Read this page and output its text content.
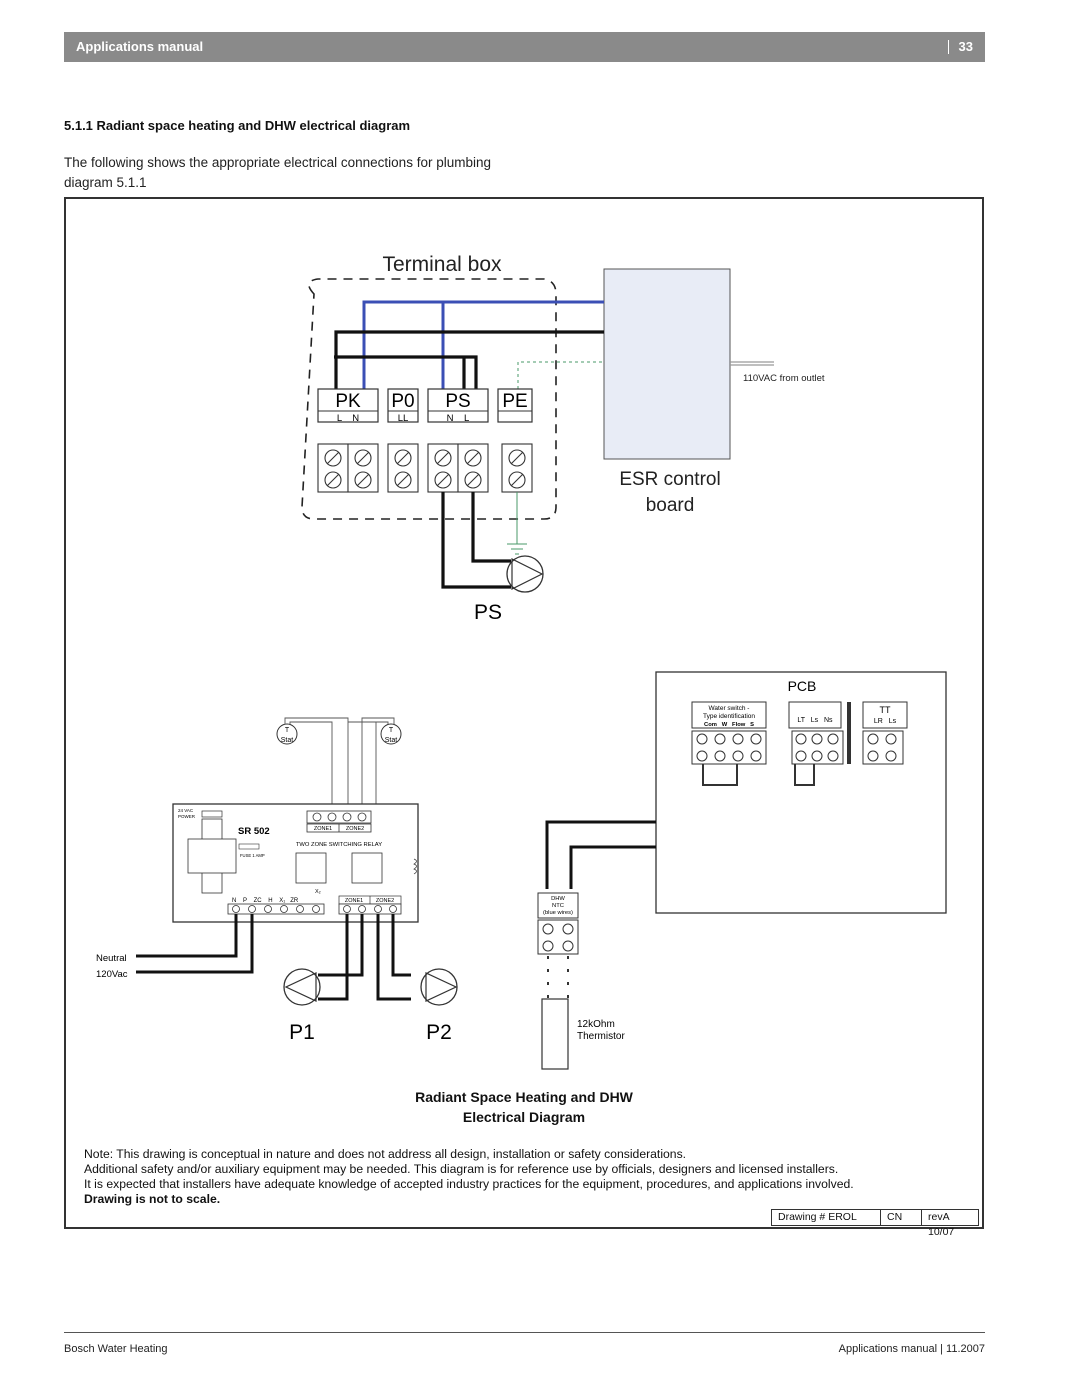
Applications manual	33
5.1.1 Radiant space heating and DHW electrical diagram
The following shows the appropriate electrical connections for plumbing diagram 5.1.1
Terminal box
ESR control
board
110VAC from outlet
PK P0 PS PE
L    N	LL	N    L
PS
PCB
Water switch -
Type identification
Com   W   Flow   S
LT   Ls   Ns
TT
LR   Ls
DHW
NTC
(blue wires)
12kOhm
Thermistor
T
Stat
T
Stat
24 VAC
POWER
SR 502
FUSE 1 AMP
ZONE1 ZONE2
TWO ZONE SWITCHING RELAY
X₂
N    P    ZC    H    X₁   ZR	ZONE1 ZONE2
Neutral
120Vac
P1	P2
Radiant Space Heating and DHW
Electrical Diagram
Note: This drawing is conceptual in nature and does not address all design, installation or safety considerations.
Additional safety and/or auxiliary equipment may be needed. This diagram is for reference use by officials, designers and licensed installers.
It is expected that installers have adequate knowledge of accepted industry practices for the equipment, procedures, and applications involved.
Drawing is not to scale.
Drawing # EROL	CN	revA 10/07
Bosch Water Heating	Applications manual | 11.2007
